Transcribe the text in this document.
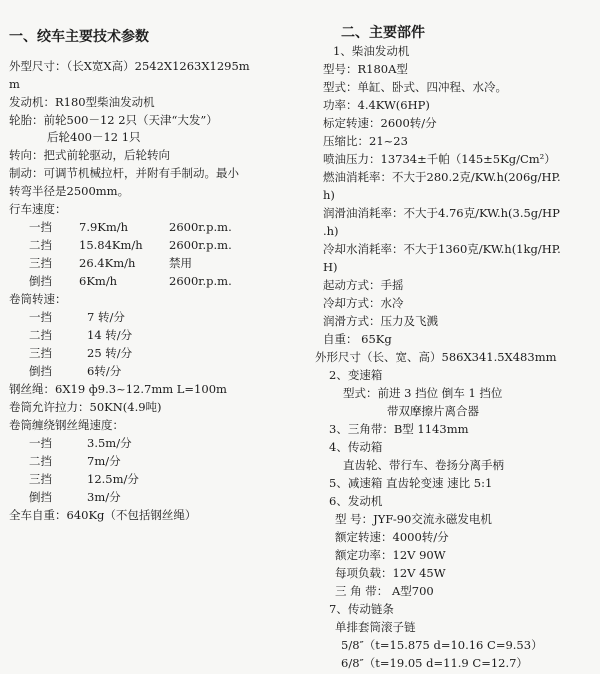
一、绞车主要技术参数
外型尺寸：（长X宽X高）2542X1263X1295m
m
发动机：R180型柴油发动机
轮胎：前轮500－12 2只（天津“大发”）
后轮400－12 1只
转向：把式前轮驱动，后轮转向
制动：可调节机械拉杆，并附有手制动。最小
转弯半径是2500mm。
行车速度：
一挡 7.9Km/h	2600r.p.m.
二挡 15.84Km/h 2600r.p.m.
三挡 26.4Km/h	禁用
倒挡 6Km/h	2600r.p.m.
卷筒转速：
一挡	7 转/分
二挡	14 转/分
三挡	25 转/分
倒挡	6转/分
钢丝绳：6X19 ф9.3~12.7mm L=100m
卷筒允许拉力：50KN(4.9吨)
卷筒缠绕钢丝绳速度：
一挡	3.5m/分
二挡	7m/分
三挡	12.5m/分
倒挡	3m/分
全车自重：640Kg（不包括钢丝绳）
二、主要部件
1、柴油发动机
型号：R180A型
型式：单缸、卧式、四冲程、水冷。
功率：4.4KW(6HP)
标定转速：2600转/分
压缩比：21~23
喷油压力：13734±千帕（145±5Kg/Cm²）
燃油消耗率：不大于280.2克/KW.h(206g/HP.
h)
润滑油消耗率：不大于4.76克/KW.h(3.5g/HP
.h)
冷却水消耗率：不大于1360克/KW.h(1kg/HP.
H)
起动方式：手摇
冷却方式：水冷
润滑方式：压力及飞溅
自重： 65Kg
外形尺寸（长、宽、高）586X341.5X483mm
2、变速箱
型式：前进 3 挡位 倒车 1 挡位
带双摩擦片离合器
3、三角带：B型 1143mm
4、传动箱
直齿轮、带行车、卷扬分离手柄
5、减速箱 直齿轮变速 速比 5:1
6、发动机
型 号：JYF-90交流永磁发电机
额定转速：4000转/分
额定功率：12V 90W
每项负载：12V 45W
三 角 带： A型700
7、传动链条
单排套筒滚子链
5/8″（t=15.875 d=10.16 C=9.53）
6/8″（t=19.05 d=11.9 C=12.7）
